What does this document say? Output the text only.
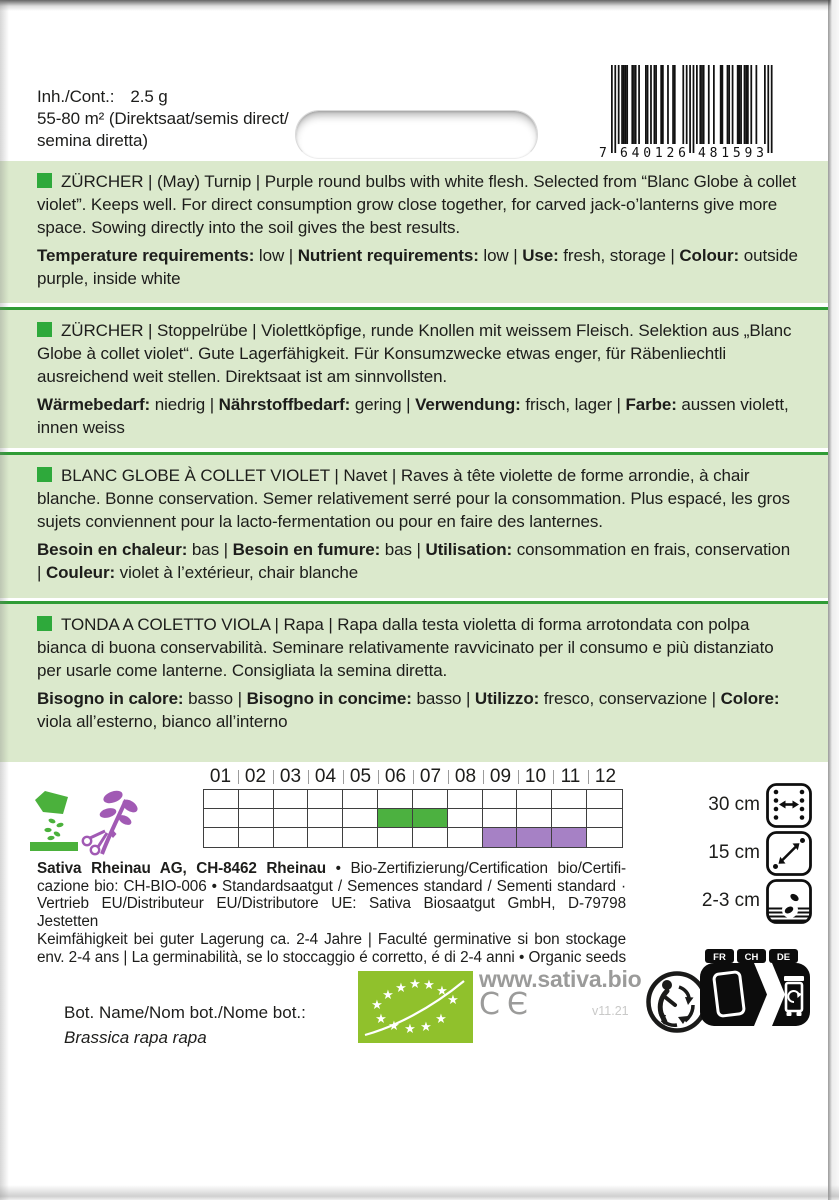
Inh./Cont.: 2.5 g
55-80 m² (Direktsaat/semis direct/
semina diretta)
7 640126 481593

ZÜRCHER | (May) Turnip | Purple round bulbs with white flesh. Selected from “Blanc Globe à collet violet”. Keeps well. For direct consumption grow close together, for carved jack-o’lanterns give more space. Sowing directly into the soil gives the best results.

Temperature requirements: low | Nutrient requirements: low | Use: fresh, storage | Colour: outside purple, inside white

ZÜRCHER | Stoppelrübe | Violettköpfige, runde Knollen mit weissem Fleisch. Selektion aus „Blanc Globe à collet violet“. Gute Lagerfähigkeit. Für Konsumzwecke etwas enger, für Räbenliechtli ausreichend weit stellen. Direktsaat ist am sinnvollsten.

Wärmebedarf: niedrig | Nährstoffbedarf: gering | Verwendung: frisch, lager | Farbe: aussen violett, innen weiss

BLANC GLOBE À COLLET VIOLET | Navet | Raves à tête violette de forme arrondie, à chair blanche. Bonne conservation. Semer relativement serré pour la consommation. Plus espacé, les gros sujets conviennent pour la lacto-fermentation ou pour en faire des lanternes.

Besoin en chaleur: bas | Besoin en fumure: bas | Utilisation: consommation en frais, conservation | Couleur: violet à l’extérieur, chair blanche

TONDA A COLETTO VIOLA | Rapa | Rapa dalla testa violetta di forma arrotondata con polpa bianca di buona conservabilità. Seminare relativamente ravvicinato per il consumo e più distanziato per usarle come lanterne. Consigliata la semina diretta.

Bisogno in calore: basso | Bisogno in concime: basso | Utilizzo: fresco, conservazione | Colore: viola all’esterno, bianco all’interno

01 02 03 04 05 06 07 08 09 10 11 12
30 cm
15 cm
2-3 cm
Sativa Rheinau AG, CH-8462 Rheinau • Bio-Zertifizierung/Certification bio/Certifi-
cazione bio: CH-BIO-006 • Standardsaatgut / Semences standard / Sementi standard ·
Vertrieb EU/Distributeur EU/Distributore UE: Sativa Biosaatgut GmbH, D-79798 Jestetten
Keimfähigkeit bei guter Lagerung ca. 2-4 Jahre | Faculté germinative si bon stockage
env. 2-4 ans | La germinabilità, se lo stoccaggio é corretto, é di 2-4 anni • Organic seeds
Bot. Name/Nom bot./Nome bot.:
Brassica rapa rapa
★
★ ★ ★ ★ ★
★
★ ★ ★ ★
★
www.sativa.bio
CЄ	v11.21
FR CH DE
